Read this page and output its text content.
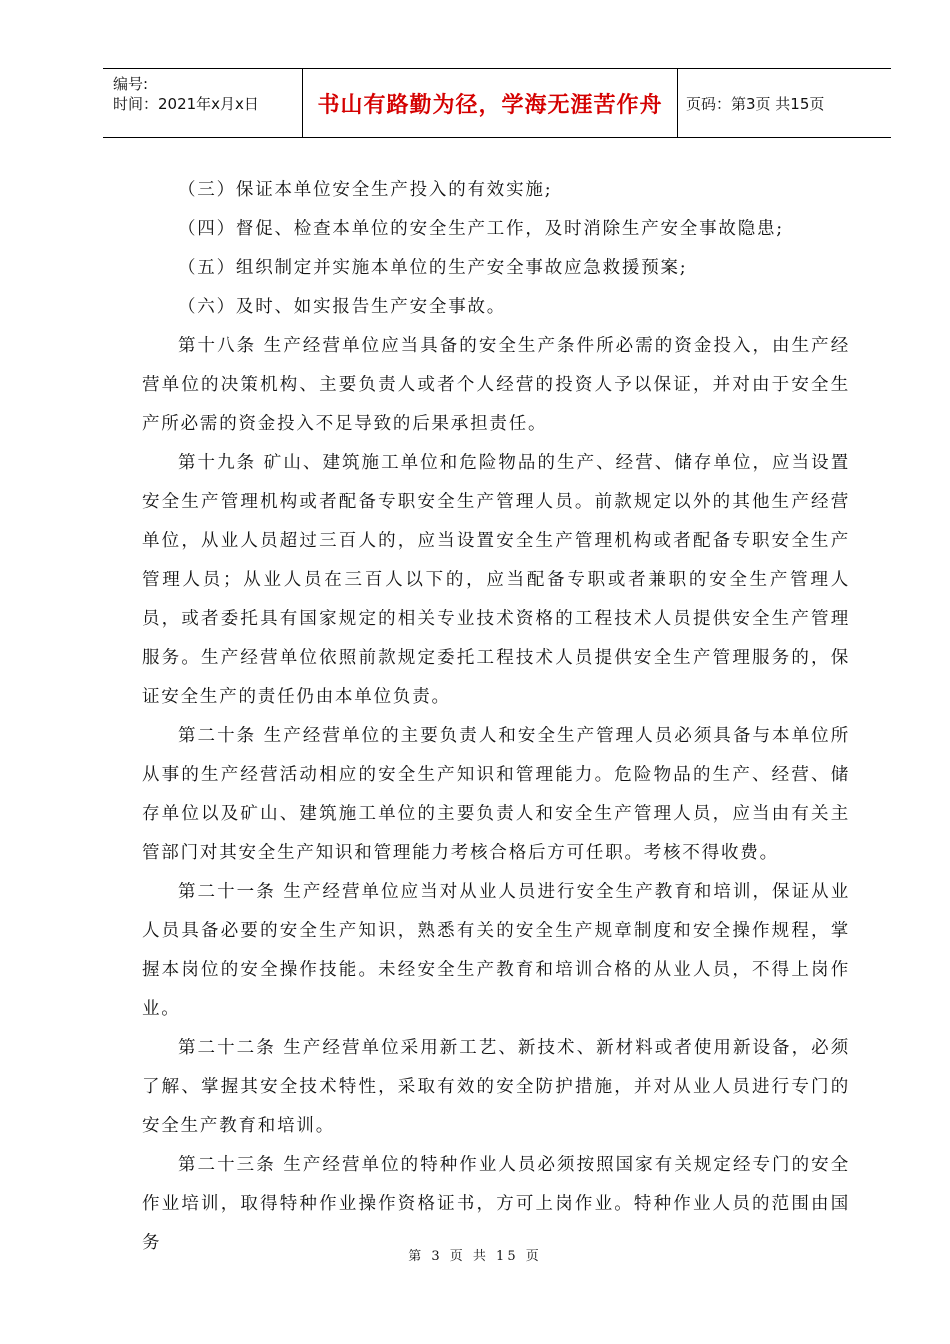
编号:
时间：2021年x月x日	书山有路勤为径，学海无涯苦作舟 页码：第3页 共15页

（三）保证本单位安全生产投入的有效实施;

（四）督促、检查本单位的安全生产工作，及时消除生产安全事故隐患;

（五）组织制定并实施本单位的生产安全事故应急救援预案;

（六）及时、如实报告生产安全事故。

第十八条 生产经营单位应当具备的安全生产条件所必需的资金投入，由生产经营单位的决策机构、主要负责人或者个人经营的投资人予以保证，并对由于安全生产所必需的资金投入不足导致的后果承担责任。

第十九条 矿山、建筑施工单位和危险物品的生产、经营、储存单位，应当设置安全生产管理机构或者配备专职安全生产管理人员。前款规定以外的其他生产经营单位，从业人员超过三百人的，应当设置安全生产管理机构或者配备专职安全生产管理人员；从业人员在三百人以下的，应当配备专职或者兼职的安全生产管理人员，或者委托具有国家规定的相关专业技术资格的工程技术人员提供安全生产管理服务。生产经营单位依照前款规定委托工程技术人员提供安全生产管理服务的，保证安全生产的责任仍由本单位负责。

第二十条 生产经营单位的主要负责人和安全生产管理人员必须具备与本单位所从事的生产经营活动相应的安全生产知识和管理能力。危险物品的生产、经营、储存单位以及矿山、建筑施工单位的主要负责人和安全生产管理人员，应当由有关主管部门对其安全生产知识和管理能力考核合格后方可任职。考核不得收费。

第二十一条 生产经营单位应当对从业人员进行安全生产教育和培训，保证从业人员具备必要的安全生产知识，熟悉有关的安全生产规章制度和安全操作规程，掌握本岗位的安全操作技能。未经安全生产教育和培训合格的从业人员，不得上岗作业。

第二十二条 生产经营单位采用新工艺、新技术、新材料或者使用新设备，必须了解、掌握其安全技术特性，采取有效的安全防护措施，并对从业人员进行专门的安全生产教育和培训。

第二十三条 生产经营单位的特种作业人员必须按照国家有关规定经专门的安全作业培训，取得特种作业操作资格证书，方可上岗作业。特种作业人员的范围由国务

第 3 页 共 15 页
